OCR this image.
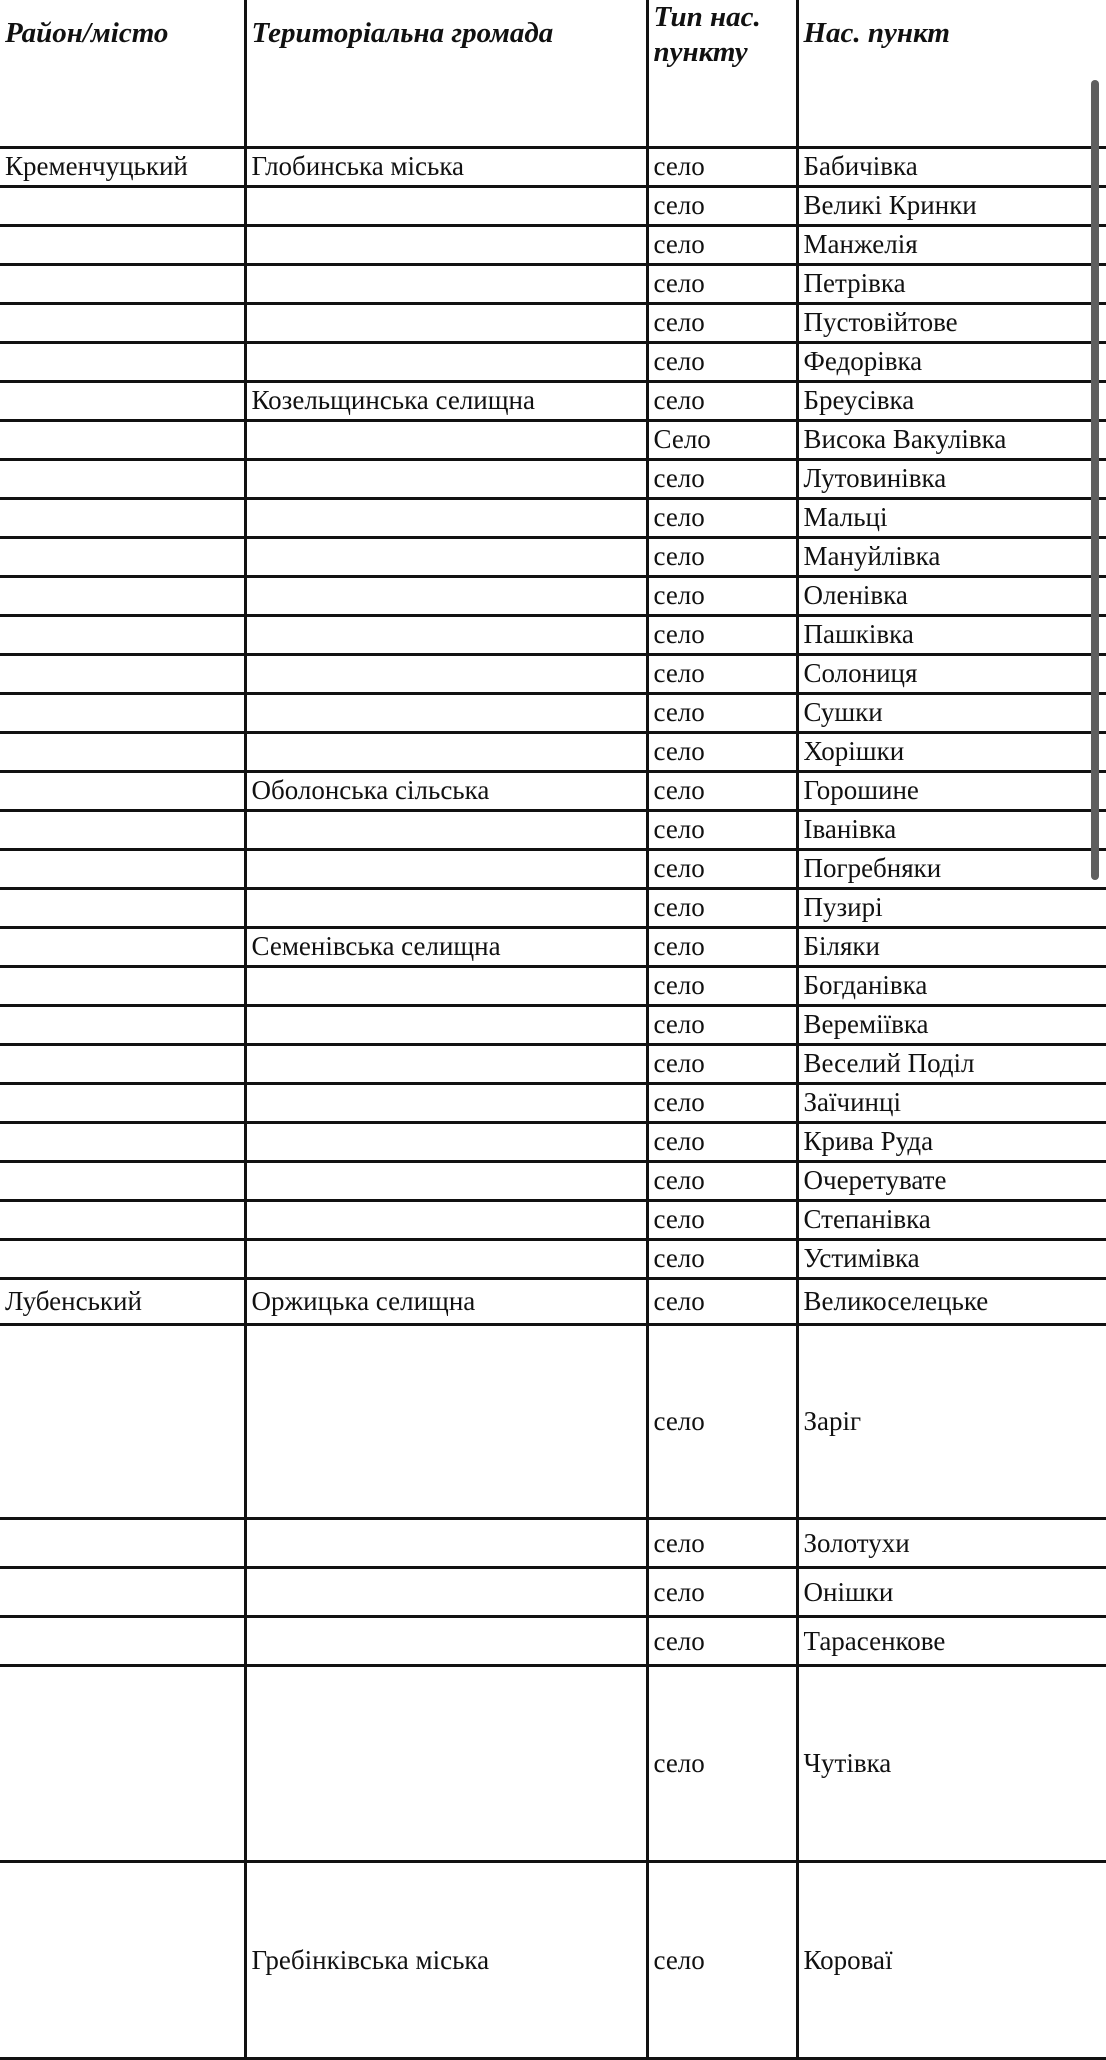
Район/місто	Територіальна громада	Тип нас. пункту	Нас. пункт
Кременчуцький	Глобинська міська	село	Бабичівка
		село	Великі Кринки
		село	Манжелія
		село	Петрівка
		село	Пустовійтове
		село	Федорівка
	Козельщинська селищна	село	Бреусівка
		Село	Висока Вакулівка
		село	Лутовинівка
		село	Мальці
		село	Мануйлівка
		село	Оленівка
		село	Пашківка
		село	Солониця
		село	Сушки
		село	Хорішки
	Оболонська сільська	село	Горошине
		село	Іванівка
		село	Погребняки
		село	Пузирі
	Семенівська селищна	село	Біляки
		село	Богданівка
		село	Вереміївка
		село	Веселий Поділ
		село	Заїчинці
		село	Крива Руда
		село	Очеретувате
		село	Степанівка
		село	Устимівка
Лубенський	Оржицька селищна	село	Великоселецьке
		село	Заріг
		село	Золотухи
		село	Онішки
		село	Тарасенкове
		село	Чутівка
	Гребінківська міська	село	Короваї
